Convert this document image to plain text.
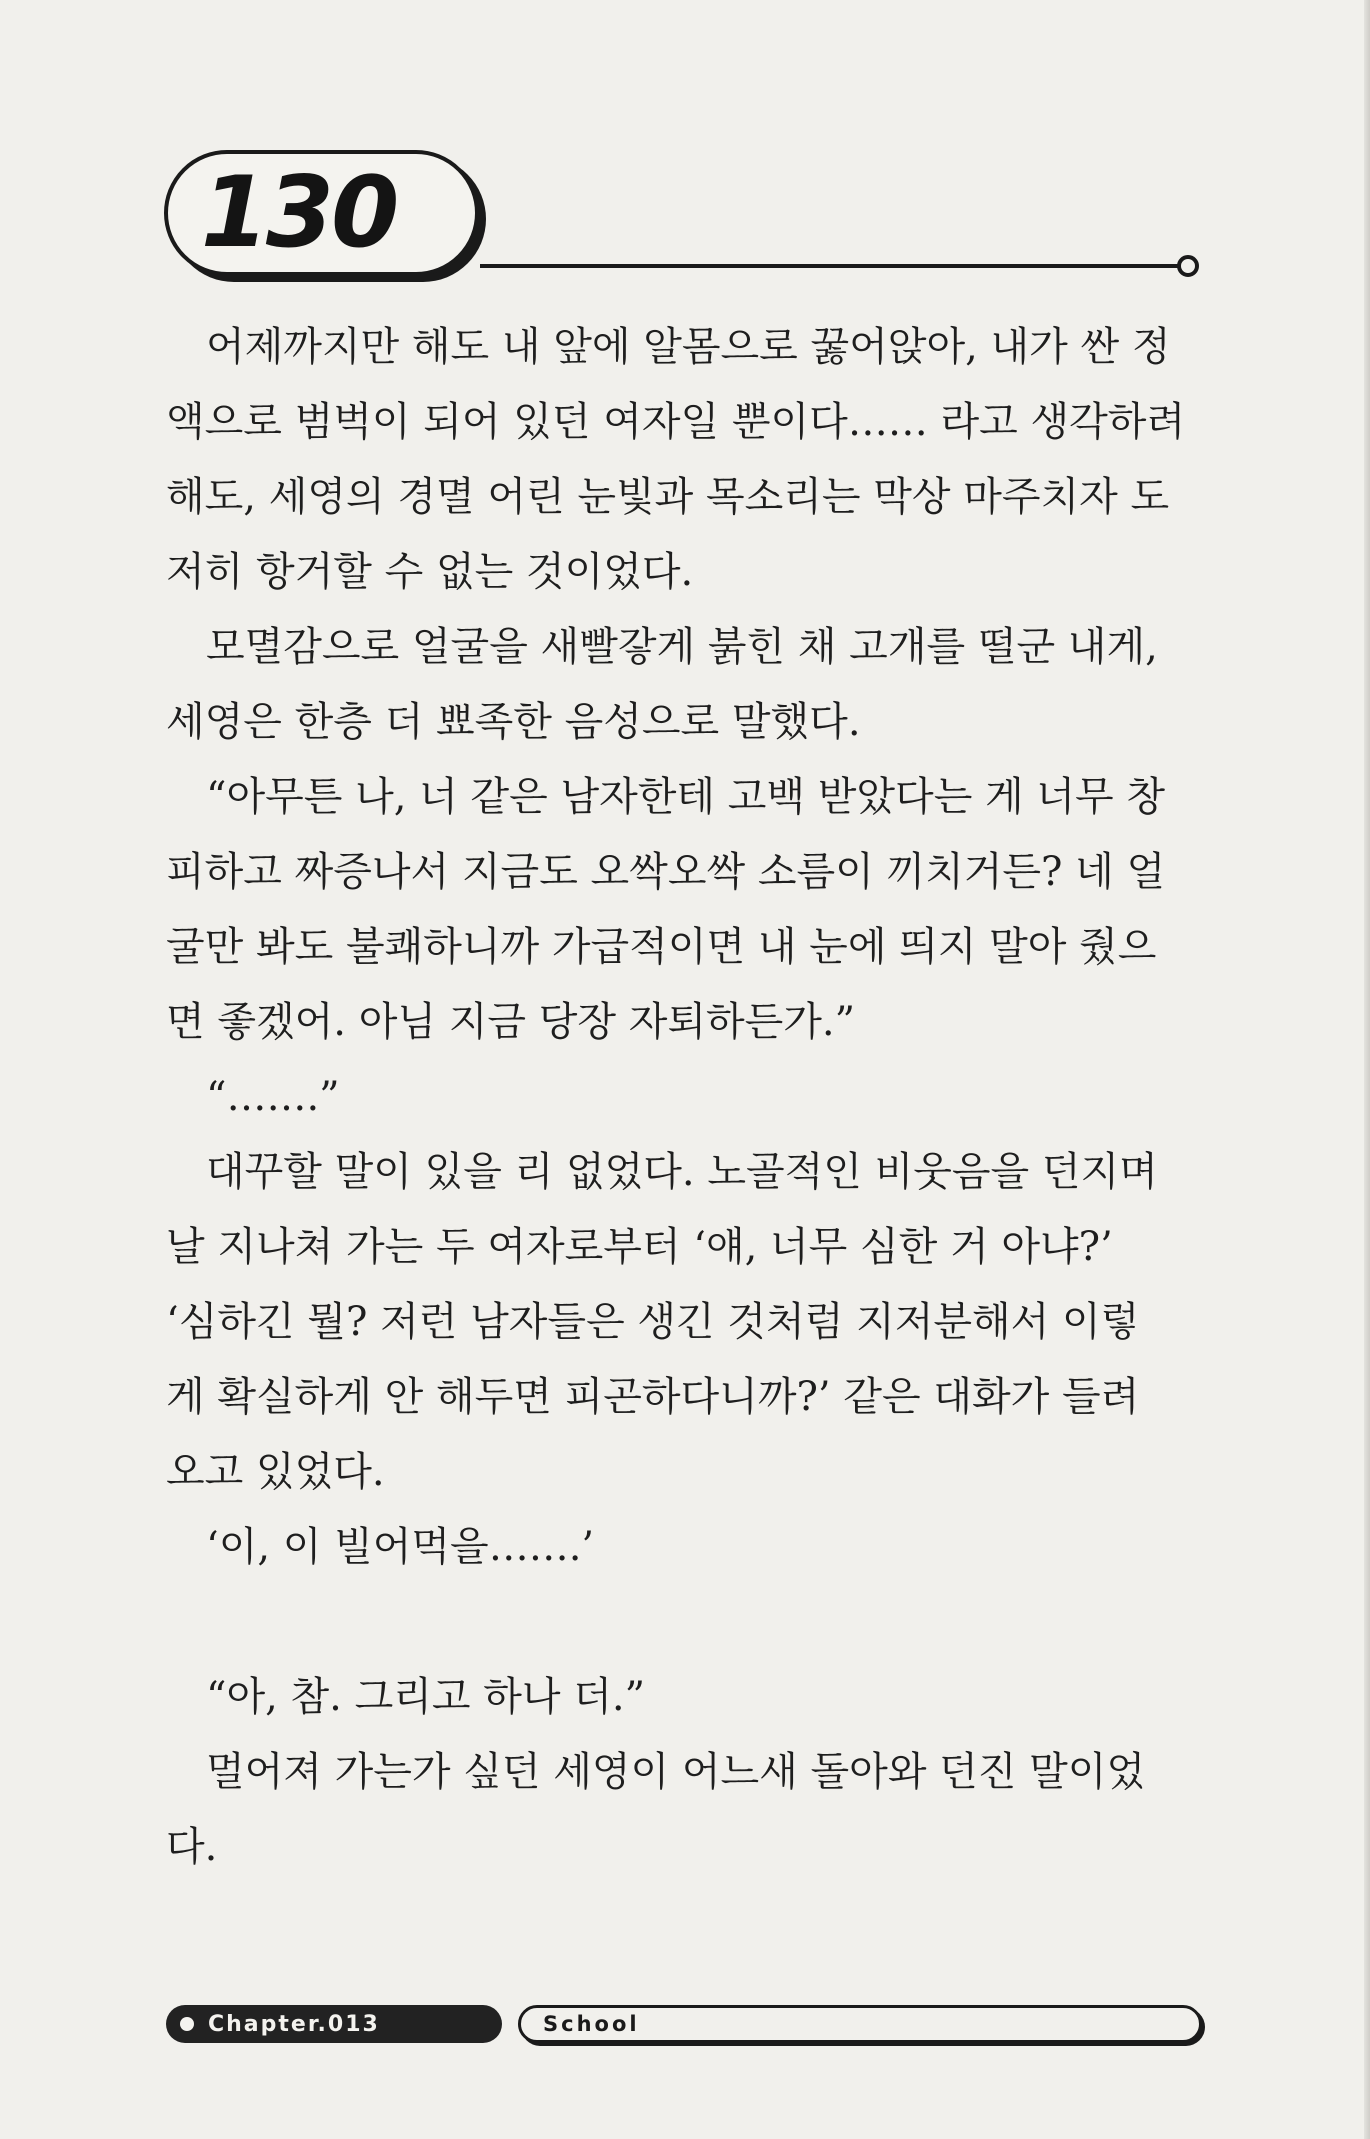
130
어제까지만 해도 내 앞에 알몸으로 꿇어앉아, 내가 싼 정
액으로 범벅이 되어 있던 여자일 뿐이다…… 라고 생각하려
해도, 세영의 경멸 어린 눈빛과 목소리는 막상 마주치자 도
저히 항거할 수 없는 것이었다.
모멸감으로 얼굴을 새빨갛게 붉힌 채 고개를 떨군 내게,
세영은 한층 더 뾰족한 음성으로 말했다.
“아무튼 나, 너 같은 남자한테 고백 받았다는 게 너무 창
피하고 짜증나서 지금도 오싹오싹 소름이 끼치거든? 네 얼
굴만 봐도 불쾌하니까 가급적이면 내 눈에 띄지 말아 줬으
면 좋겠어. 아님 지금 당장 자퇴하든가.”
“…….”
대꾸할 말이 있을 리 없었다. 노골적인 비웃음을 던지며
날 지나쳐 가는 두 여자로부터 ‘얘, 너무 심한 거 아냐?’
‘심하긴 뭘? 저런 남자들은 생긴 것처럼 지저분해서 이렇
게 확실하게 안 해두면 피곤하다니까?’ 같은 대화가 들려
오고 있었다.
‘이, 이 빌어먹을…….’
“아, 참. 그리고 하나 더.”
멀어져 가는가 싶던 세영이 어느새 돌아와 던진 말이었
다.
Chapter.013	School
